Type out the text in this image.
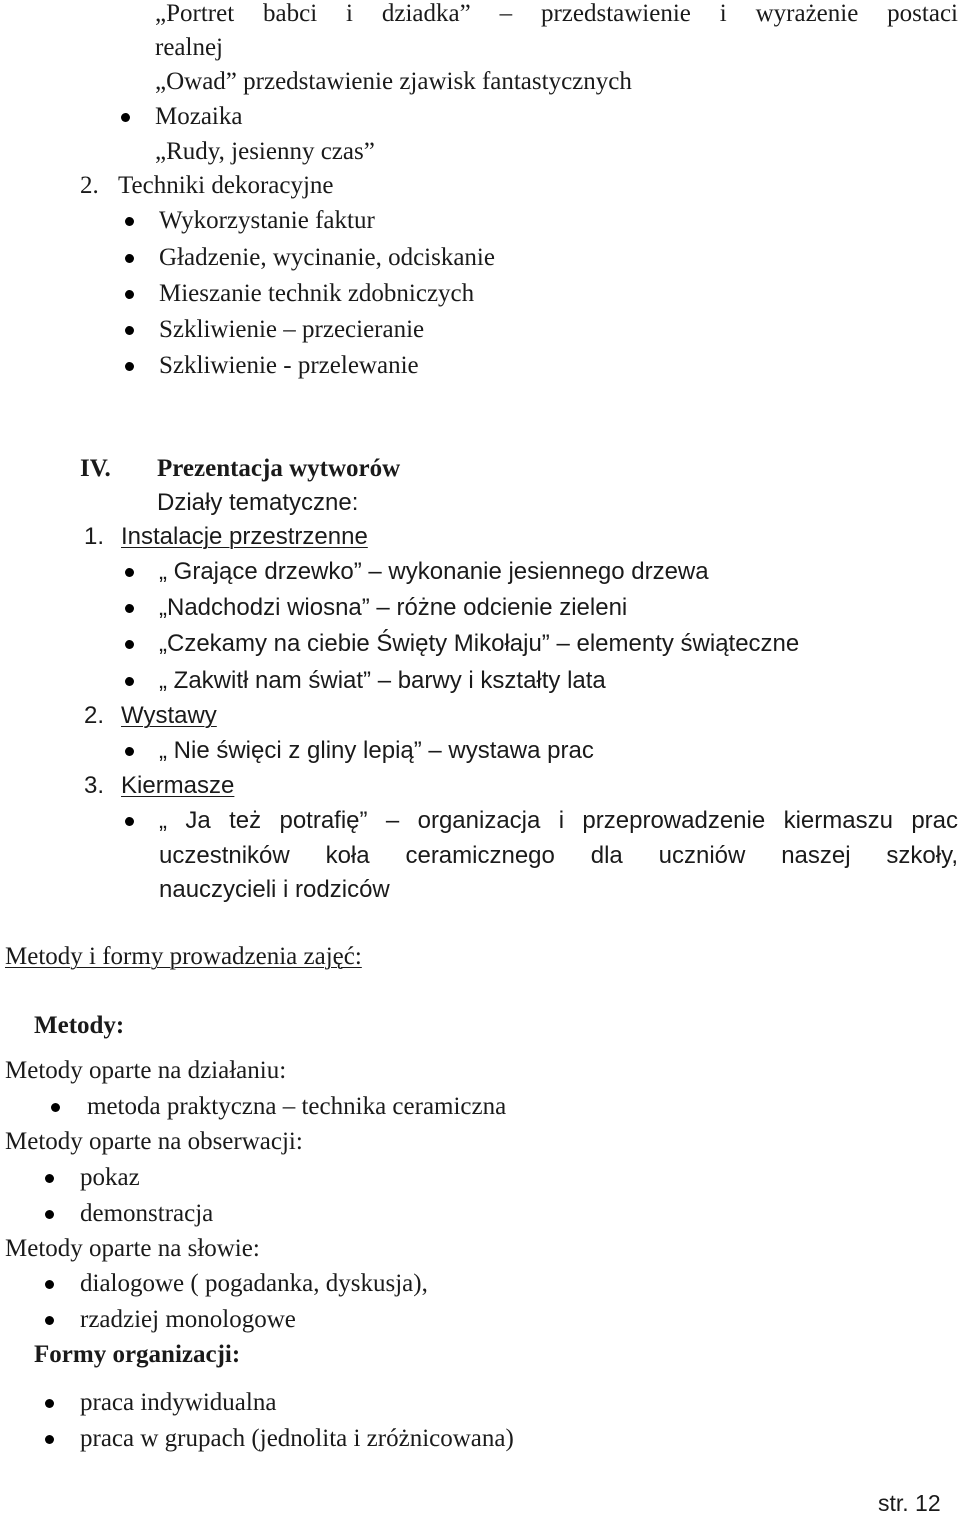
„Portret babci i dziadka” – przedstawienie i wyrażenie postaci
realnej
„Owad” przedstawienie zjawisk fantastycznych
Mozaika
„Rudy, jesienny czas”
2. Techniki dekoracyjne
Wykorzystanie faktur
Gładzenie, wycinanie, odciskanie
Mieszanie technik zdobniczych
Szkliwienie – przecieranie
Szkliwienie - przelewanie
IV. Prezentacja wytworów
Działy tematyczne:
1. Instalacje przestrzenne
„ Grające drzewko” – wykonanie jesiennego drzewa
„Nadchodzi wiosna” – różne odcienie zieleni
„Czekamy na ciebie Święty Mikołaju” – elementy świąteczne
„ Zakwitł nam świat” – barwy i kształty lata
2. Wystawy
„ Nie święci z gliny lepią” – wystawa prac
3. Kiermasze
„ Ja też potrafię” – organizacja i przeprowadzenie kiermaszu prac
uczestników koła ceramicznego dla uczniów naszej szkoły,
nauczycieli i rodziców
Metody i formy prowadzenia zajęć:
Metody:
Metody oparte na działaniu:
metoda praktyczna – technika ceramiczna
Metody oparte na obserwacji:
pokaz
demonstracja
Metody oparte na słowie:
dialogowe ( pogadanka, dyskusja),
rzadziej monologowe
Formy organizacji:
praca indywidualna
praca w grupach (jednolita i zróżnicowana)
str. 12
